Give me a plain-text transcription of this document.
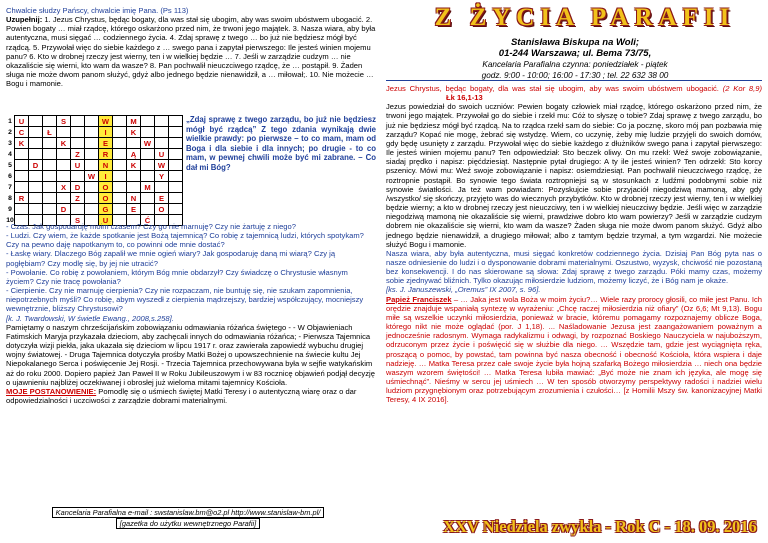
Chwalcie słudzy Pańscy, chwalcie imię Pana. (Ps 113)

Uzupełnij: 1. Jezus Chrystus, będąc bogaty, dla was stał się ubogim, aby was swoim ubóstwem ubogacić. 2. Powien bogaty … miał rządcę, którego oskarżono przed nim, że trwoni jego majątek. 3. Nasza wiara, aby była autentyczna, musi sięgać … codziennego życia. 4. Zdaj sprawę z twego … bo już nie będziesz mógł być rządcą. 5. Przywołał więc do siebie każdego z … swego pana i zapytał pierwszego: Ile jesteś winien mojemu panu? 6. Kto w drobnej rzeczy jest wierny, ten i w wielkiej będzie … 7. Jeśli w zarządzie cudzym … nie okazaliście się wierni, kto wam da wasze? 8. Pan pochwalił nieuczciwego rządcę, że … postąpił. 9. Żaden sługa nie może dwom panom służyć, gdyż albo jednego będzie nienawidził, a … miłował;. 10. Nie możecie … Bogu i mamonie.

1	U			S			W		M			
2	C		Ł				I		K			
3	K			K			E			W		
4					Z		R		Ą		U	
5		D			U		N		K		W	
6						W	I				Y	
7				X	D		O			M		
8	R				Z		O		N		E	
9				D			G		E		O	
10					S		U			Ć		
„Zdaj sprawę z twego zarządu, bo już nie będziesz mógł być rządcą” Z tego zdania wynikają dwie wielkie prawdy: po pierwsze – to co mam, mam od Boga i dla siebie i dla innych; po drugie - to co mam, w pewnej chwili może być mi zabrane. – Co dał mi Bóg?

- Czas. Jak gospodaruję moim czasem? Czy go nie marnuję? Czy nie żartuję z niego?

- Ludzi. Czy wiem, że każde spotkanie jest Bożą tajemnicą? Co robię z tajemnicą ludzi, których spotykam? Czy na pewno daję napotkanym to, co powinni ode mnie dostać?

- Łaskę wiary. Dlaczego Bóg zapalił we mnie ogień wiary? Jak gospodaruję daną mi wiarą? Czy ją pogłębiam? Czy modlę się, by jej nie utracić?

- Powołanie. Co robię z powołaniem, którym Bóg mnie obdarzył? Czy świadczę o Chrystusie własnym życiem? Czy nie tracę powołania?

- Cierpienie. Czy nie marnuję cierpienia? Czy nie rozpaczam, nie buntuję się, nie szukam zapomnienia, niepotrzebnych myśli? Co robię, abym wyszedł z cierpienia mądrzejszy, bardziej współczujący, mocniejszy wewnętrznie, bliższy Chrystusowi?

[k. J. Twardowski, W świetle Ewang., 2008,s.258].

Pamiętamy o naszym chrześcijańskim zobowiązaniu odmawiania różańca świętego - - W Objawieniach Fatimskich Maryja przykazała dzieciom, aby zachęcali innych do odmawiania różańca; - Pierwsza Tajemnica dotyczyła wizji piekła, jaka ukazała się dzieciom w lipcu 1917 r. oraz zawierała zapowiedź wybuchu drugiej wojny światowej. - Druga Tajemnica dotyczyła prośby Matki Bożej o upowszechnienie na świecie kultu Jej Niepokalanego Serca i poświęcenie Jej Rosji. - Trzecia Tajemnica przechowywana była w sejfie watykańskim aż do roku 2000. Dopiero papież Jan Paweł II w Roku Jubileuszowym i w 83 rocznicę objawień podjął decyzję o ujawnieniu najbliżej oczekiwanej i obrosłej już wieloma mitami tajemnicy Kościoła.

MOJE POSTANOWIENIE: Pomodlę się o uśmiech świętej Matki Teresy i o autentyczną wiarę oraz o dar odpowiedzialności i uczciwości z zarządzie dobrami materialnymi.

Kancelaria Parafialna e-mail : swstanislaw.bm@o2.pl http://www.stanislaw-bm.pl/
[gazetka do użytku wewnętrznego Parafii]
Z ŻYCIA PARAFII
Stanisława Biskupa na Woli;
01-244 Warszawa; ul. Bema 73/75,
Kancelaria Parafialna czynna: poniedziałek - piątek
godz. 9:00 - 10:00; 16:00 - 17:30 ; tel. 22 632 38 00

Jezus Chrystus, będąc bogaty, dla was stał się ubogim, aby was swoim ubóstwem ubogacić. (2 Kor 8,9) Łk 16,1-13

Jezus powiedział do swoich uczniów: Pewien bogaty człowiek miał rządcę, którego oskarżono przed nim, że trwoni jego majątek. Przywołał go do siebie i rzekł mu: Cóż to słyszę o tobie? Zdaj sprawę z twego zarządu, bo już nie będziesz mógł być rządcą. Na to rządca rzekł sam do siebie: Co ja pocznę, skoro mój pan pozbawia mię zarządu? Kopać nie mogę, żebrać się wstydzę. Wiem, co uczynię, żeby mię ludzie przyjęli do swoich domów, gdy będę usunięty z zarządu. Przywołał więc do siebie każdego z dłużników swego pana i zapytał pierwszego: Ile jesteś winien mojemu panu? Ten odpowiedział: Sto beczek oliwy. On mu rzekł: Weź swoje zobowiązanie, siadaj prędko i napisz: pięćdziesiąt. Następnie pytał drugiego: A ty ile jesteś winien? Ten odrzekł: Sto korcy pszenicy. Mówi mu: Weź swoje zobowiązanie i napisz: osiemdziesiąt. Pan pochwalił nieuczciwego rządcę, że roztropnie postąpił. Bo synowie tego świata roztropniejsi są w stosunkach z ludźmi podobnymi sobie niż synowie światłości. Ja też wam powiadam: Pozyskujcie sobie przyjaciół niegodziwą mamoną, aby gdy /wszystko/ się skończy, przyjęto was do wiecznych przybytków. Kto w drobnej rzeczy jest wierny, ten i w wielkiej będzie wierny; a kto w drobnej rzeczy jest nieuczciwy, ten i w wielkiej nieuczciwy będzie. Jeśli więc w zarządzie niegodziwą mamoną nie okazaliście się wierni, prawdziwe dobro kto wam powierzy? Jeśli w zarządzie cudzym dobrem nie okazaliście się wierni, kto wam da wasze? Żaden sługa nie może dwom panom służyć. Gdyż albo jednego będzie nienawidził, a drugiego miłował; albo z tamtym będzie trzymał, a tym wzgardzi. Nie możecie służyć Bogu i mamonie.

Nasza wiara, aby była autentyczna, musi sięgać konkretów codziennego życia. Dzisiaj Pan Bóg pyta nas o nasze odniesienie do ludzi i o dysponowanie dobrami materialnymi. Oszustwo, wyzysk, chciwość nie pozostaną bez konsekwencji. I do nas skierowane są słowa: Zdaj sprawę z twego zarządu. Póki mamy czas, możemy sobie zjednywać bliźnich. Tylko okazując miłosierdzie ludziom, możemy liczyć, że i Bóg nam je okaże.

[ks. J. Januszewski, „Oremus” IX 2007, s. 96].

Papież Franciszek – … Jaka jest wola Boża w moim życiu?… Wiele razy prorocy głosili, co miłe jest Panu. Ich orędzie znajduje wspaniałą syntezę w wyrażeniu: „Chcę raczej miłosierdzia niż ofiary” (Oz 6,6; Mt 9,13). Bogu miłe są wszelkie uczynki miłosierdzia, ponieważ w bracie, któremu pomagamy rozpoznajemy oblicze Boga, którego nikt nie może oglądać (por. J 1,18). ... Naśladowanie Jezusa jest zaangażowaniem poważnym a jednocześnie radosnym. Wymaga radykalizmu i odwagi, by rozpoznać Boskiego Nauczyciela w najuboższym, odrzuconym przez życie i poświęcić się w służbie dla niego. … Wszędzie tam, gdzie jest wyciągnięta ręka, proszącą o pomoc, by powstać, tam powinna być nasza obecność i obecność Kościoła, która wspiera i daje nadzieję. … Matka Teresa przez całe swoje życie była hojną szafarką Bożego miłosierdzia … niech ona będzie waszym wzorem świętości! … Matka Teresa lubiła mawiać: „Być może nie znam ich języka, ale mogę się uśmiechnąć”. Nieśmy w sercu jej uśmiech … W ten sposób otworzymy perspektywy radości i nadziei wielu ludziom przygnębionym oraz potrzebującym zrozumienia i czułości… [z Homilii Mszy św. kanonizacyjnej Matki Teresy, 4 IX 2016].

XXV Niedziela zwykła - Rok C - 18. 09. 2016
